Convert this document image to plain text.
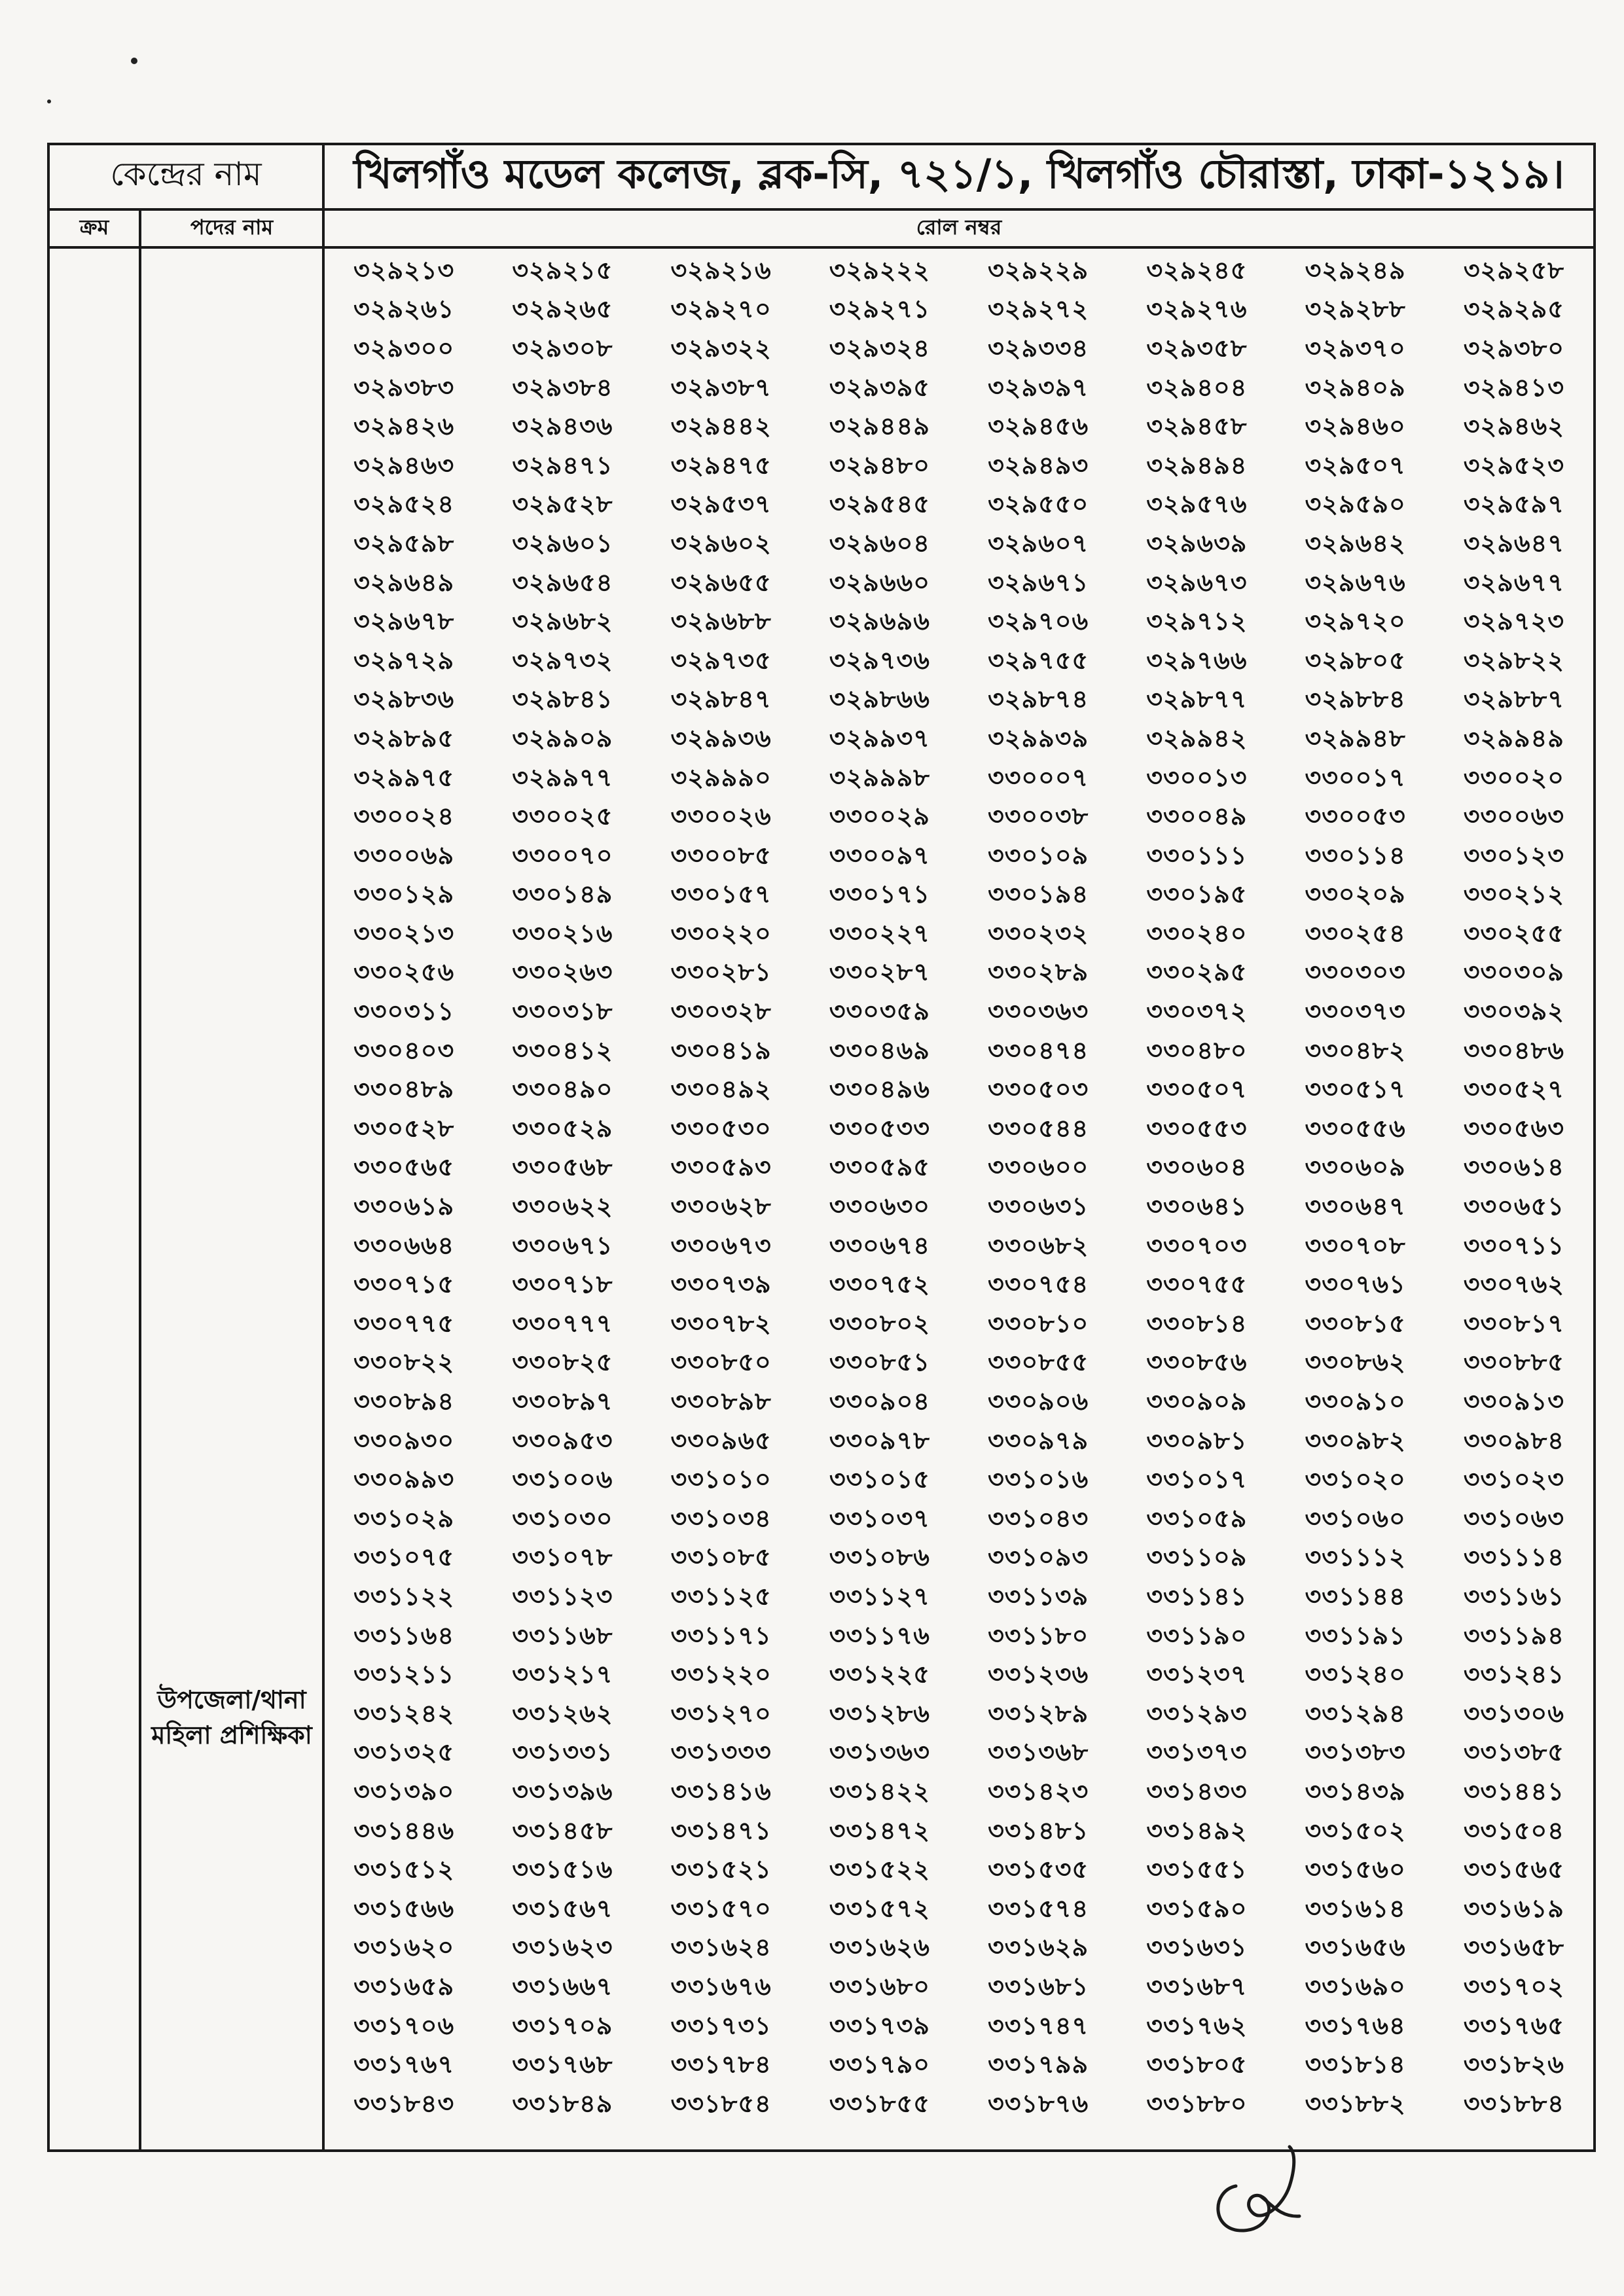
কেন্দ্রের নাম	খিলগাঁও মডেল কলেজ, ব্লক-সি, ৭২১/১, খিলগাঁও চৌরাস্তা, ঢাকা-১২১৯।
ক্রম	পদের নাম	রোল নম্বর
উপজেলা/থানা
মহিলা প্রশিক্ষিকা
৩২৯২১৩	৩২৯২১৫	৩২৯২১৬	৩২৯২২২	৩২৯২২৯	৩২৯২৪৫	৩২৯২৪৯	৩২৯২৫৮
৩২৯২৬১	৩২৯২৬৫	৩২৯২৭০	৩২৯২৭১	৩২৯২৭২	৩২৯২৭৬	৩২৯২৮৮	৩২৯২৯৫
৩২৯৩০০	৩২৯৩০৮	৩২৯৩২২	৩২৯৩২৪	৩২৯৩৩৪	৩২৯৩৫৮	৩২৯৩৭০	৩২৯৩৮০
৩২৯৩৮৩	৩২৯৩৮৪	৩২৯৩৮৭	৩২৯৩৯৫	৩২৯৩৯৭	৩২৯৪০৪	৩২৯৪০৯	৩২৯৪১৩
৩২৯৪২৬	৩২৯৪৩৬	৩২৯৪৪২	৩২৯৪৪৯	৩২৯৪৫৬	৩২৯৪৫৮	৩২৯৪৬০	৩২৯৪৬২
৩২৯৪৬৩	৩২৯৪৭১	৩২৯৪৭৫	৩২৯৪৮০	৩২৯৪৯৩	৩২৯৪৯৪	৩২৯৫০৭	৩২৯৫২৩
৩২৯৫২৪	৩২৯৫২৮	৩২৯৫৩৭	৩২৯৫৪৫	৩২৯৫৫০	৩২৯৫৭৬	৩২৯৫৯০	৩২৯৫৯৭
৩২৯৫৯৮	৩২৯৬০১	৩২৯৬০২	৩২৯৬০৪	৩২৯৬০৭	৩২৯৬৩৯	৩২৯৬৪২	৩২৯৬৪৭
৩২৯৬৪৯	৩২৯৬৫৪	৩২৯৬৫৫	৩২৯৬৬০	৩২৯৬৭১	৩২৯৬৭৩	৩২৯৬৭৬	৩২৯৬৭৭
৩২৯৬৭৮	৩২৯৬৮২	৩২৯৬৮৮	৩২৯৬৯৬	৩২৯৭০৬	৩২৯৭১২	৩২৯৭২০	৩২৯৭২৩
৩২৯৭২৯	৩২৯৭৩২	৩২৯৭৩৫	৩২৯৭৩৬	৩২৯৭৫৫	৩২৯৭৬৬	৩২৯৮০৫	৩২৯৮২২
৩২৯৮৩৬	৩২৯৮৪১	৩২৯৮৪৭	৩২৯৮৬৬	৩২৯৮৭৪	৩২৯৮৭৭	৩২৯৮৮৪	৩২৯৮৮৭
৩২৯৮৯৫	৩২৯৯০৯	৩২৯৯৩৬	৩২৯৯৩৭	৩২৯৯৩৯	৩২৯৯৪২	৩২৯৯৪৮	৩২৯৯৪৯
৩২৯৯৭৫	৩২৯৯৭৭	৩২৯৯৯০	৩২৯৯৯৮	৩৩০০০৭	৩৩০০১৩	৩৩০০১৭	৩৩০০২০
৩৩০০২৪	৩৩০০২৫	৩৩০০২৬	৩৩০০২৯	৩৩০০৩৮	৩৩০০৪৯	৩৩০০৫৩	৩৩০০৬৩
৩৩০০৬৯	৩৩০০৭০	৩৩০০৮৫	৩৩০০৯৭	৩৩০১০৯	৩৩০১১১	৩৩০১১৪	৩৩০১২৩
৩৩০১২৯	৩৩০১৪৯	৩৩০১৫৭	৩৩০১৭১	৩৩০১৯৪	৩৩০১৯৫	৩৩০২০৯	৩৩০২১২
৩৩০২১৩	৩৩০২১৬	৩৩০২২০	৩৩০২২৭	৩৩০২৩২	৩৩০২৪০	৩৩০২৫৪	৩৩০২৫৫
৩৩০২৫৬	৩৩০২৬৩	৩৩০২৮১	৩৩০২৮৭	৩৩০২৮৯	৩৩০২৯৫	৩৩০৩০৩	৩৩০৩০৯
৩৩০৩১১	৩৩০৩১৮	৩৩০৩২৮	৩৩০৩৫৯	৩৩০৩৬৩	৩৩০৩৭২	৩৩০৩৭৩	৩৩০৩৯২
৩৩০৪০৩	৩৩০৪১২	৩৩০৪১৯	৩৩০৪৬৯	৩৩০৪৭৪	৩৩০৪৮০	৩৩০৪৮২	৩৩০৪৮৬
৩৩০৪৮৯	৩৩০৪৯০	৩৩০৪৯২	৩৩০৪৯৬	৩৩০৫০৩	৩৩০৫০৭	৩৩০৫১৭	৩৩০৫২৭
৩৩০৫২৮	৩৩০৫২৯	৩৩০৫৩০	৩৩০৫৩৩	৩৩০৫৪৪	৩৩০৫৫৩	৩৩০৫৫৬	৩৩০৫৬৩
৩৩০৫৬৫	৩৩০৫৬৮	৩৩০৫৯৩	৩৩০৫৯৫	৩৩০৬০০	৩৩০৬০৪	৩৩০৬০৯	৩৩০৬১৪
৩৩০৬১৯	৩৩০৬২২	৩৩০৬২৮	৩৩০৬৩০	৩৩০৬৩১	৩৩০৬৪১	৩৩০৬৪৭	৩৩০৬৫১
৩৩০৬৬৪	৩৩০৬৭১	৩৩০৬৭৩	৩৩০৬৭৪	৩৩০৬৮২	৩৩০৭০৩	৩৩০৭০৮	৩৩০৭১১
৩৩০৭১৫	৩৩০৭১৮	৩৩০৭৩৯	৩৩০৭৫২	৩৩০৭৫৪	৩৩০৭৫৫	৩৩০৭৬১	৩৩০৭৬২
৩৩০৭৭৫	৩৩০৭৭৭	৩৩০৭৮২	৩৩০৮০২	৩৩০৮১০	৩৩০৮১৪	৩৩০৮১৫	৩৩০৮১৭
৩৩০৮২২	৩৩০৮২৫	৩৩০৮৫০	৩৩০৮৫১	৩৩০৮৫৫	৩৩০৮৫৬	৩৩০৮৬২	৩৩০৮৮৫
৩৩০৮৯৪	৩৩০৮৯৭	৩৩০৮৯৮	৩৩০৯০৪	৩৩০৯০৬	৩৩০৯০৯	৩৩০৯১০	৩৩০৯১৩
৩৩০৯৩০	৩৩০৯৫৩	৩৩০৯৬৫	৩৩০৯৭৮	৩৩০৯৭৯	৩৩০৯৮১	৩৩০৯৮২	৩৩০৯৮৪
৩৩০৯৯৩	৩৩১০০৬	৩৩১০১০	৩৩১০১৫	৩৩১০১৬	৩৩১০১৭	৩৩১০২০	৩৩১০২৩
৩৩১০২৯	৩৩১০৩০	৩৩১০৩৪	৩৩১০৩৭	৩৩১০৪৩	৩৩১০৫৯	৩৩১০৬০	৩৩১০৬৩
৩৩১০৭৫	৩৩১০৭৮	৩৩১০৮৫	৩৩১০৮৬	৩৩১০৯৩	৩৩১১০৯	৩৩১১১২	৩৩১১১৪
৩৩১১২২	৩৩১১২৩	৩৩১১২৫	৩৩১১২৭	৩৩১১৩৯	৩৩১১৪১	৩৩১১৪৪	৩৩১১৬১
৩৩১১৬৪	৩৩১১৬৮	৩৩১১৭১	৩৩১১৭৬	৩৩১১৮০	৩৩১১৯০	৩৩১১৯১	৩৩১১৯৪
৩৩১২১১	৩৩১২১৭	৩৩১২২০	৩৩১২২৫	৩৩১২৩৬	৩৩১২৩৭	৩৩১২৪০	৩৩১২৪১
৩৩১২৪২	৩৩১২৬২	৩৩১২৭০	৩৩১২৮৬	৩৩১২৮৯	৩৩১২৯৩	৩৩১২৯৪	৩৩১৩০৬
৩৩১৩২৫	৩৩১৩৩১	৩৩১৩৩৩	৩৩১৩৬৩	৩৩১৩৬৮	৩৩১৩৭৩	৩৩১৩৮৩	৩৩১৩৮৫
৩৩১৩৯০	৩৩১৩৯৬	৩৩১৪১৬	৩৩১৪২২	৩৩১৪২৩	৩৩১৪৩৩	৩৩১৪৩৯	৩৩১৪৪১
৩৩১৪৪৬	৩৩১৪৫৮	৩৩১৪৭১	৩৩১৪৭২	৩৩১৪৮১	৩৩১৪৯২	৩৩১৫০২	৩৩১৫০৪
৩৩১৫১২	৩৩১৫১৬	৩৩১৫২১	৩৩১৫২২	৩৩১৫৩৫	৩৩১৫৫১	৩৩১৫৬০	৩৩১৫৬৫
৩৩১৫৬৬	৩৩১৫৬৭	৩৩১৫৭০	৩৩১৫৭২	৩৩১৫৭৪	৩৩১৫৯০	৩৩১৬১৪	৩৩১৬১৯
৩৩১৬২০	৩৩১৬২৩	৩৩১৬২৪	৩৩১৬২৬	৩৩১৬২৯	৩৩১৬৩১	৩৩১৬৫৬	৩৩১৬৫৮
৩৩১৬৫৯	৩৩১৬৬৭	৩৩১৬৭৬	৩৩১৬৮০	৩৩১৬৮১	৩৩১৬৮৭	৩৩১৬৯০	৩৩১৭০২
৩৩১৭০৬	৩৩১৭০৯	৩৩১৭৩১	৩৩১৭৩৯	৩৩১৭৪৭	৩৩১৭৬২	৩৩১৭৬৪	৩৩১৭৬৫
৩৩১৭৬৭	৩৩১৭৬৮	৩৩১৭৮৪	৩৩১৭৯০	৩৩১৭৯৯	৩৩১৮০৫	৩৩১৮১৪	৩৩১৮২৬
৩৩১৮৪৩	৩৩১৮৪৯	৩৩১৮৫৪	৩৩১৮৫৫	৩৩১৮৭৬	৩৩১৮৮০	৩৩১৮৮২	৩৩১৮৮৪
